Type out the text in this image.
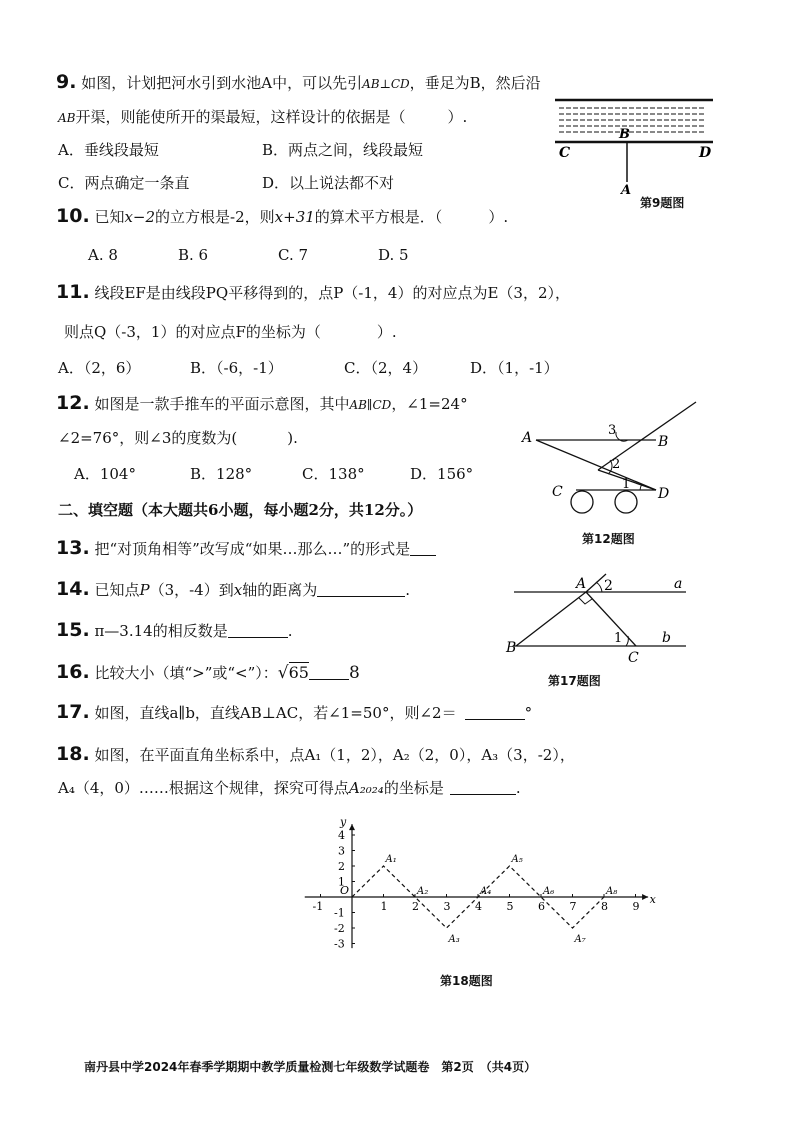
9. 如图，计划把河水引到水池A中，可以先引AB⊥CD，垂足为B，然后沿
AB开渠，则能使所开的渠最短，这样设计的依据是（	）.
A．垂线段最短	B．两点之间，线段最短
C．两点确定一条直	D．以上说法都不对
B
C	D
A
第9题图
10. 已知x−2的立方根是-2，则x+31的算术平方根是．（	）.
A. 8	B. 6	C. 7	D. 5
11. 线段EF是由线段PQ平移得到的，点P（-1，4）的对应点为E（3，2），
则点Q（-3，1）的对应点F的坐标为（	）.
A．（2，6）	B．（-6，-1）	C．（2，4）	D．（1，-1）
12. 如图是一款手推车的平面示意图，其中AB∥CD，∠1=24°
∠2=76°，则∠3的度数为(	).
A．104°	B．128°	C．138°	D．156°
A	B
C	D
3
2
1
第12题图
二、填空题（本大题共6小题，每小题2分，共12分。）
13. 把“对顶角相等”改写成“如果…那么…”的形式是
14. 已知点P（3，-4）到x轴的距离为	.
15. π—3.14的相反数是	.
16. 比较大小（填“>”或“<”）：√65 8
A 2	a
B
1
C
b
第17题图
17. 如图，直线a∥b，直线AB⊥AC，若∠1=50°，则∠2＝	°
18. 如图，在平面直角坐标系中，点A₁（1，2），A₂（2，0），A₃（3，-2），
A₄（4，0）……根据这个规律，探究可得点A₂₀₂₄的坐标是	.
x
y
O
-1	1 2 3 4 5 6 7 8 9
4
3
2
1
-1
-2
-3
A₁
A₂
A₃
A₄
A₅
A₆
A₇
A₈
第18题图
南丹县中学2024年春季学期期中教学质量检测七年级数学试题卷　第2页　（共4页）
